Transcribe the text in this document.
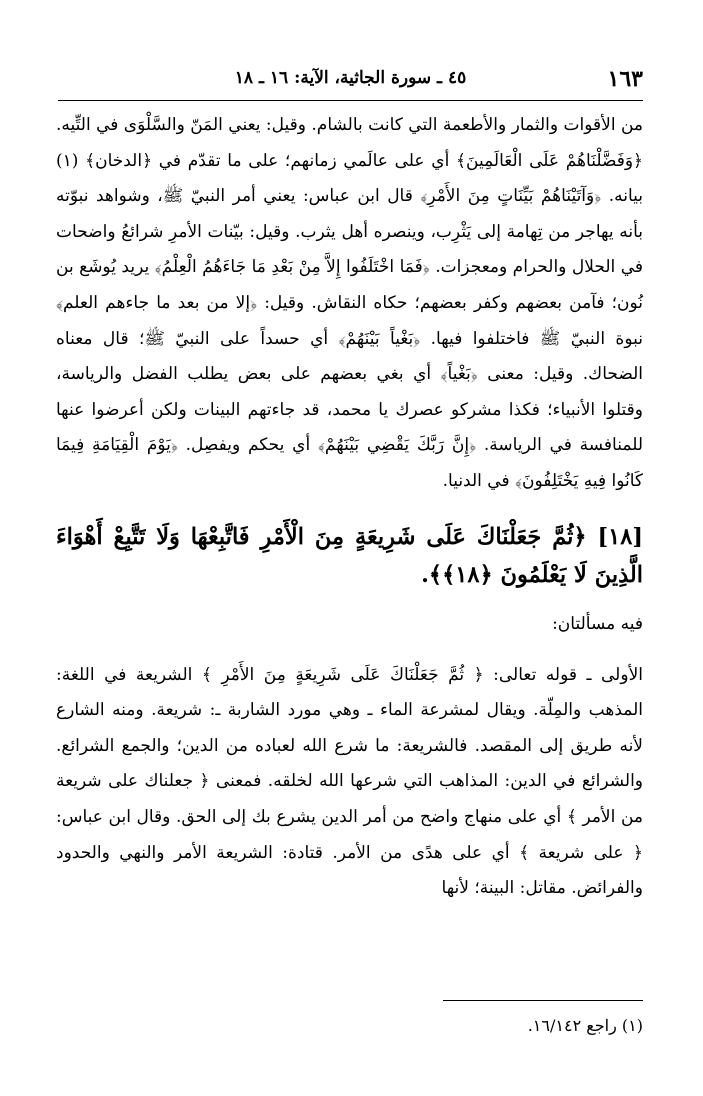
١٦٣
٤٥ ـ سورة الجاثية، الآية: ١٦ ـ ١٨

من الأقوات والثمار والأطعمة التي كانت بالشام. وقيل: يعني المَنّ والسَّلْوَى في التِّيه. ﴿وَفَضَّلْنَاهُمْ عَلَى الْعَالَمِينَ﴾ أي على عالَمي زمانهم؛ على ما تقدّم في ﴿الدخان﴾ (١) بيانه. ﴿وَآتَيْنَاهُمْ بَيِّنَاتٍ مِنَ الأَمْرِ﴾ قال ابن عباس: يعني أمر النبيّ ﷺ، وشواهد نبوّته بأنه يهاجر من تِهامة إلى يَثْرِب، وينصره أهل يثرب. وقيل: بيّنات الأمرِ شرائعُ واضحات في الحلال والحرام ومعجزات. ﴿فَمَا اخْتَلَفُوا إِلاَّ مِنْ بَعْدِ مَا جَاءَهُمُ الْعِلْمُ﴾ يريد يُوشَع بن نُون؛ فآمن بعضهم وكفر بعضهم؛ حكاه النقاش. وقيل: ﴿إلا من بعد ما جاءهم العلم﴾ نبوة النبيّ ﷺ فاختلفوا فيها. ﴿بَغْياً بَيْنَهُمْ﴾ أي حسداً على النبيّ ﷺ؛ قال معناه الضحاك. وقيل: معنى ﴿بَغْياً﴾ أي بغي بعضهم على بعض يطلب الفضل والرياسة، وقتلوا الأنبياء؛ فكذا مشركو عصرك يا محمد، قد جاءتهم البينات ولكن أعرضوا عنها للمنافسة في الرياسة. ﴿إِنَّ رَبَّكَ يَقْضِي بَيْنَهُمْ﴾ أي يحكم ويفصِل. ﴿يَوْمَ الْقِيَامَةِ فِيمَا كَانُوا فِيهِ يَخْتَلِفُونَ﴾ في الدنيا.

[١٨] ﴿ثُمَّ جَعَلْنَاكَ عَلَى شَرِيعَةٍ مِنَ الْأَمْرِ فَاتَّبِعْهَا وَلَا تَتَّبِعْ أَهْوَاءَ الَّذِينَ لَا يَعْلَمُونَ ﴿١٨﴾﴾.

فيه مسألتان:

الأولى ـ قوله تعالى: ﴿ ثُمَّ جَعَلْنَاكَ عَلَى شَرِيعَةٍ مِنَ الأَمْرِ ﴾ الشريعة في اللغة: المذهب والمِلّة. ويقال لمشرعة الماء ـ وهي مورد الشاربة ـ: شريعة. ومنه الشارع لأنه طريق إلى المقصد. فالشريعة: ما شرع الله لعباده من الدين؛ والجمع الشرائع. والشرائع في الدين: المذاهب التي شرعها الله لخلقه. فمعنى ﴿ جعلناك على شريعة من الأمر ﴾ أي على منهاج واضح من أمر الدين يشرع بك إلى الحق. وقال ابن عباس: ﴿ على شريعة ﴾ أي على هدًى من الأمر. قتادة: الشريعة الأمر والنهي والحدود والفرائض. مقاتل: البينة؛ لأنها

(١) راجع ١٦/١٤٢.
